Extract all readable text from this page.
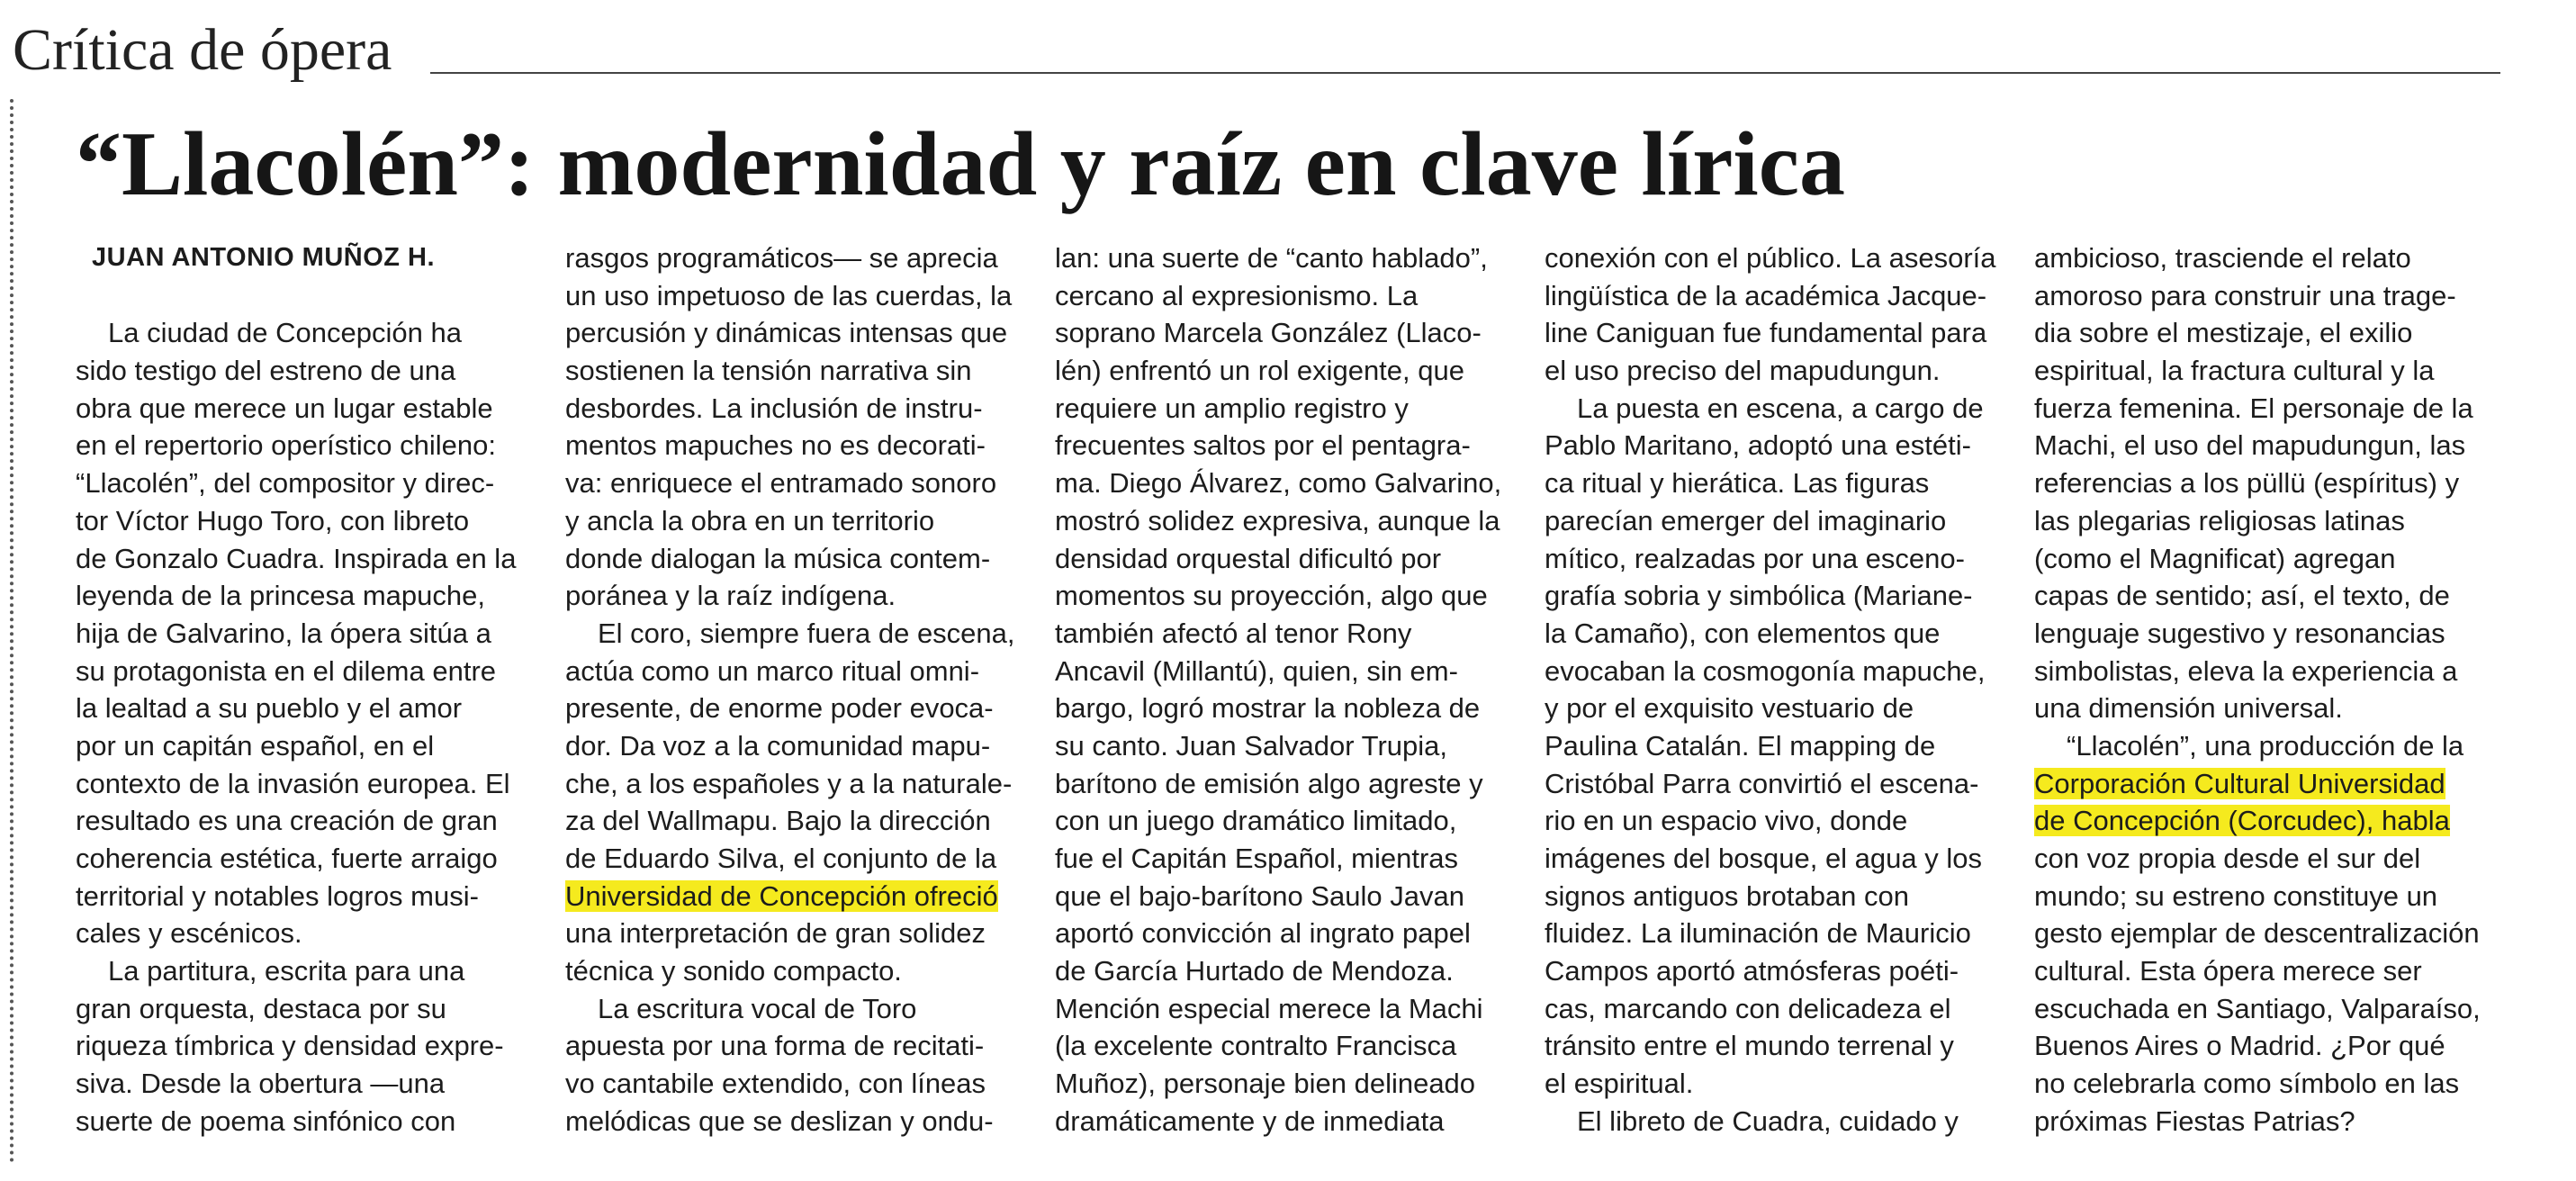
Crítica de ópera
“Llacolén”: modernidad y raíz en clave lírica
JUAN ANTONIO MUÑOZ H.
La ciudad de Concepción ha
sido testigo del estreno de una
obra que merece un lugar estable
en el repertorio operístico chileno:
“Llacolén”, del compositor y direc-
tor Víctor Hugo Toro, con libreto
de Gonzalo Cuadra. Inspirada en la
leyenda de la princesa mapuche,
hija de Galvarino, la ópera sitúa a
su protagonista en el dilema entre
la lealtad a su pueblo y el amor
por un capitán español, en el
contexto de la invasión europea. El
resultado es una creación de gran
coherencia estética, fuerte arraigo
territorial y notables logros musi-
cales y escénicos.
La partitura, escrita para una
gran orquesta, destaca por su
riqueza tímbrica y densidad expre-
siva. Desde la obertura —una
suerte de poema sinfónico con
rasgos programáticos— se aprecia
un uso impetuoso de las cuerdas, la
percusión y dinámicas intensas que
sostienen la tensión narrativa sin
desbordes. La inclusión de instru-
mentos mapuches no es decorati-
va: enriquece el entramado sonoro
y ancla la obra en un territorio
donde dialogan la música contem-
poránea y la raíz indígena.
El coro, siempre fuera de escena,
actúa como un marco ritual omni-
presente, de enorme poder evoca-
dor. Da voz a la comunidad mapu-
che, a los españoles y a la naturale-
za del Wallmapu. Bajo la dirección
de Eduardo Silva, el conjunto de la
Universidad de Concepción ofreció
una interpretación de gran solidez
técnica y sonido compacto.
La escritura vocal de Toro
apuesta por una forma de recitati-
vo cantabile extendido, con líneas
melódicas que se deslizan y ondu-
lan: una suerte de “canto hablado”,
cercano al expresionismo. La
soprano Marcela González (Llaco-
lén) enfrentó un rol exigente, que
requiere un amplio registro y
frecuentes saltos por el pentagra-
ma. Diego Álvarez, como Galvarino,
mostró solidez expresiva, aunque la
densidad orquestal dificultó por
momentos su proyección, algo que
también afectó al tenor Rony
Ancavil (Millantú), quien, sin em-
bargo, logró mostrar la nobleza de
su canto. Juan Salvador Trupia,
barítono de emisión algo agreste y
con un juego dramático limitado,
fue el Capitán Español, mientras
que el bajo-barítono Saulo Javan
aportó convicción al ingrato papel
de García Hurtado de Mendoza.
Mención especial merece la Machi
(la excelente contralto Francisca
Muñoz), personaje bien delineado
dramáticamente y de inmediata
conexión con el público. La asesoría
lingüística de la académica Jacque-
line Caniguan fue fundamental para
el uso preciso del mapudungun.
La puesta en escena, a cargo de
Pablo Maritano, adoptó una estéti-
ca ritual y hierática. Las figuras
parecían emerger del imaginario
mítico, realzadas por una esceno-
grafía sobria y simbólica (Mariane-
la Camaño), con elementos que
evocaban la cosmogonía mapuche,
y por el exquisito vestuario de
Paulina Catalán. El mapping de
Cristóbal Parra convirtió el escena-
rio en un espacio vivo, donde
imágenes del bosque, el agua y los
signos antiguos brotaban con
fluidez. La iluminación de Mauricio
Campos aportó atmósferas poéti-
cas, marcando con delicadeza el
tránsito entre el mundo terrenal y
el espiritual.
El libreto de Cuadra, cuidado y
ambicioso, trasciende el relato
amoroso para construir una trage-
dia sobre el mestizaje, el exilio
espiritual, la fractura cultural y la
fuerza femenina. El personaje de la
Machi, el uso del mapudungun, las
referencias a los püllü (espíritus) y
las plegarias religiosas latinas
(como el Magnificat) agregan
capas de sentido; así, el texto, de
lenguaje sugestivo y resonancias
simbolistas, eleva la experiencia a
una dimensión universal.
“Llacolén”, una producción de la
Corporación Cultural Universidad
de Concepción (Corcudec), habla
con voz propia desde el sur del
mundo; su estreno constituye un
gesto ejemplar de descentralización
cultural. Esta ópera merece ser
escuchada en Santiago, Valparaíso,
Buenos Aires o Madrid. ¿Por qué
no celebrarla como símbolo en las
próximas Fiestas Patrias?
